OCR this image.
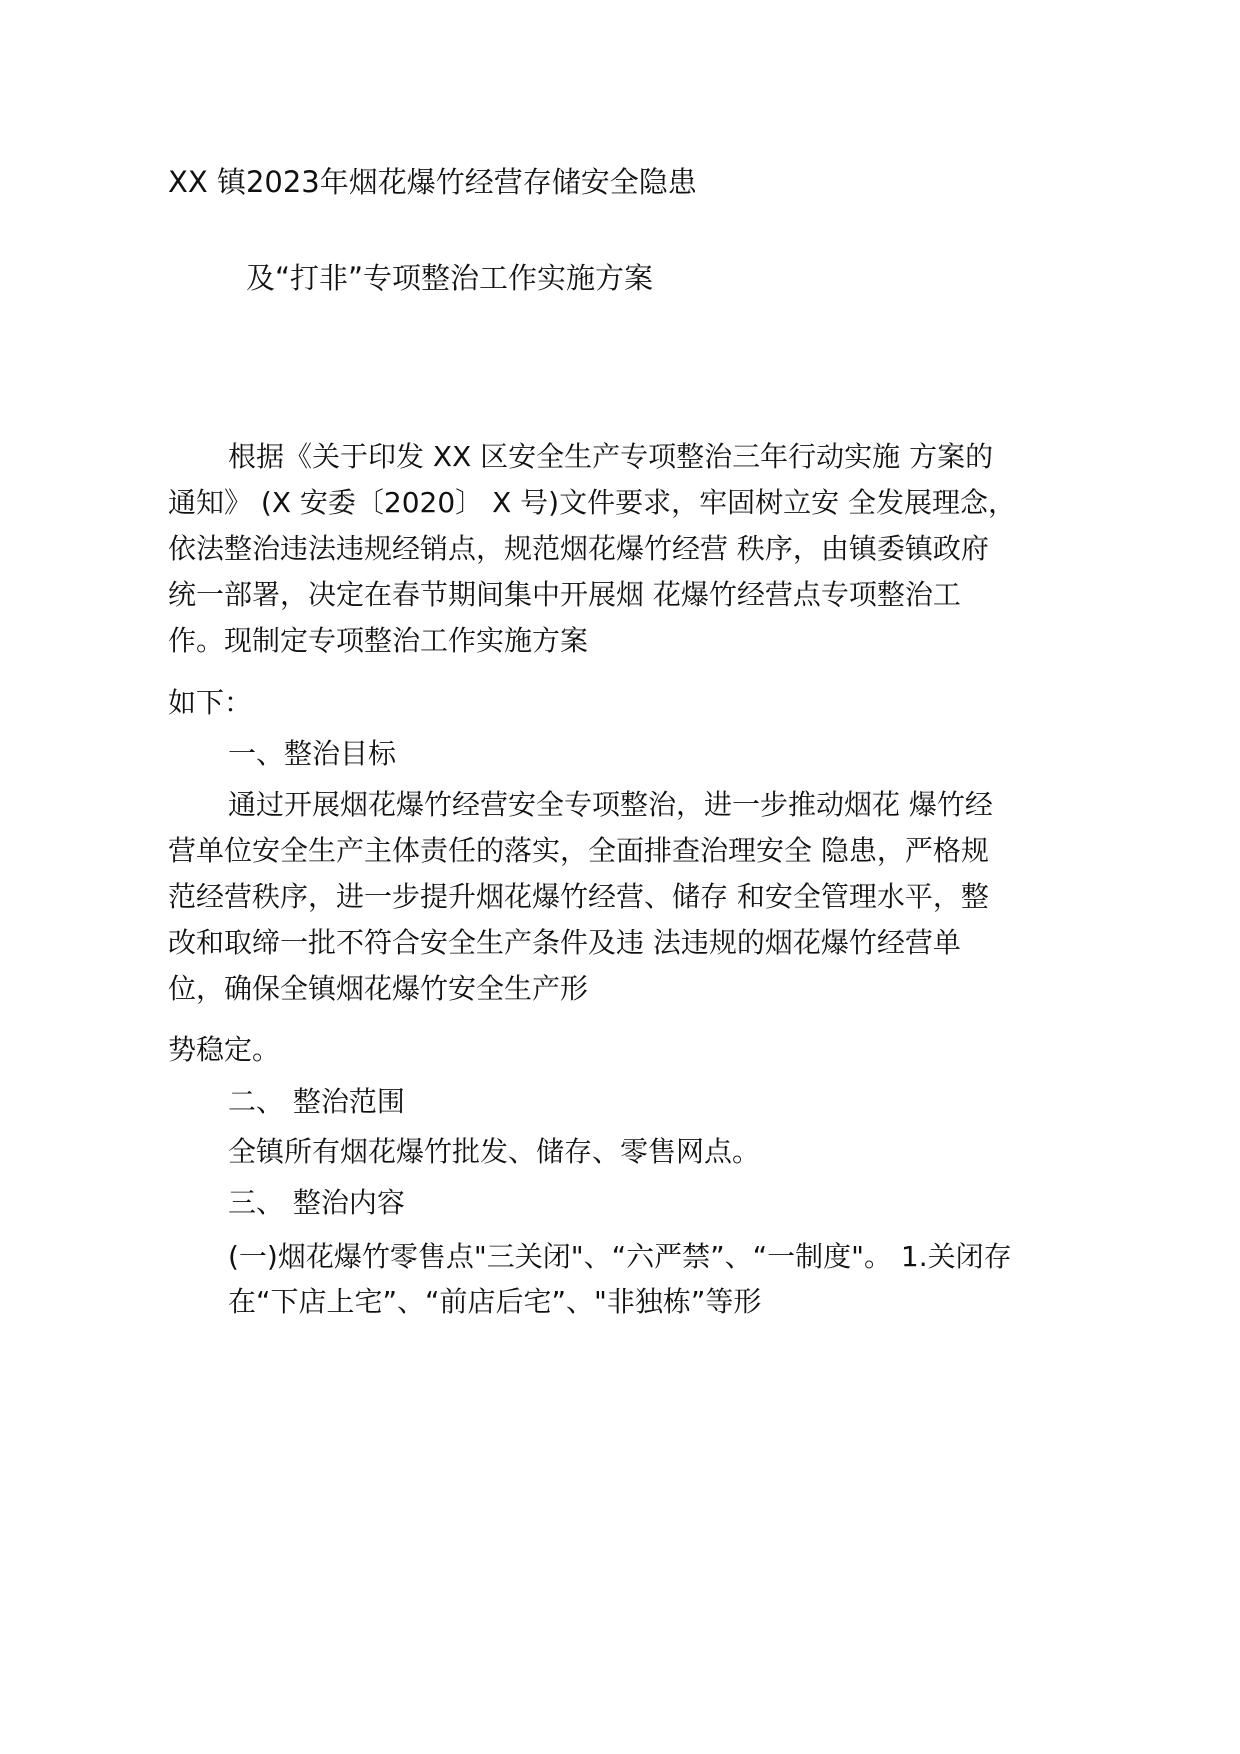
XX 镇2023年烟花爆竹经营存储安全隐患
及“打非”专项整治工作实施方案
根据《关于印发 XX 区安全生产专项整治三年行动实施 方案的
通知》 (X 安委〔2020〕 X 号)文件要求，牢固树立安 全发展理念，
依法整治违法违规经销点，规范烟花爆竹经营 秩序，由镇委镇政府
统一部署，决定在春节期间集中开展烟 花爆竹经营点专项整治工
作。现制定专项整治工作实施方案
如下：
一、整治目标
通过开展烟花爆竹经营安全专项整治，进一步推动烟花 爆竹经
营单位安全生产主体责任的落实，全面排查治理安全 隐患，严格规
范经营秩序，进一步提升烟花爆竹经营、储存 和安全管理水平，整
改和取缔一批不符合安全生产条件及违 法违规的烟花爆竹经营单
位，确保全镇烟花爆竹安全生产形
势稳定。
二、 整治范围
全镇所有烟花爆竹批发、储存、零售网点。
三、 整治内容
(一)烟花爆竹零售点"三关闭"、“六严禁”、“一制度"。 1.关闭存
在“下店上宅”、“前店后宅”、"非独栋”等形
